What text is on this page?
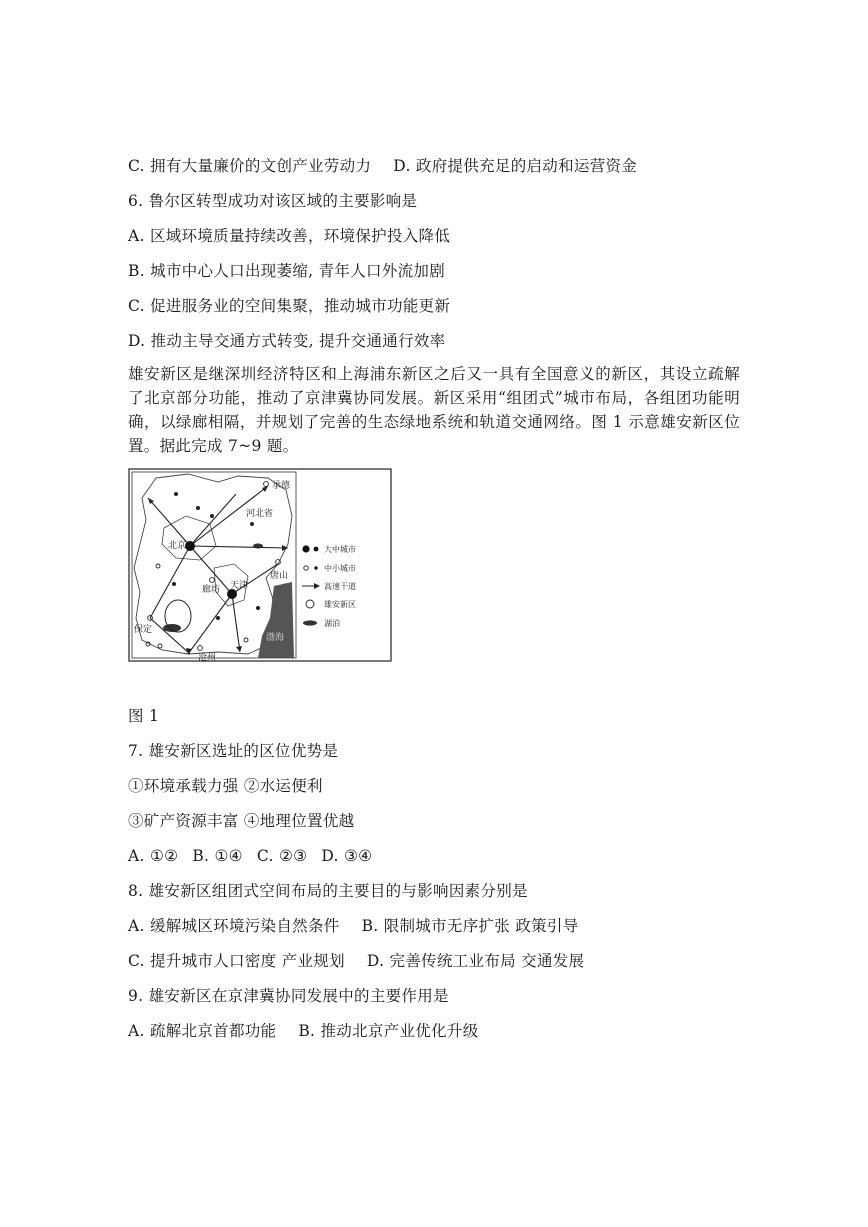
C. 拥有大量廉价的文创产业劳动力 D. 政府提供充足的启动和运营资金
6. 鲁尔区转型成功对该区域的主要影响是
A. 区域环境质量持续改善，环境保护投入降低
B. 城市中心人口出现萎缩, 青年人口外流加剧
C. 促进服务业的空间集聚，推动城市功能更新
D. 推动主导交通方式转变, 提升交通通行效率
雄安新区是继深圳经济特区和上海浦东新区之后又一具有全国意义的新区，其设立疏解了北京部分功能，推动了京津冀协同发展。新区采用“组团式”城市布局，各组团功能明确，以绿廊相隔，并规划了完善的生态绿地系统和轨道交通网络。图 1 示意雄安新区位置。据此完成 7~9 题。
承德
河北省
北京
唐山
廊坊 天津
保定
沧州
渤海
大中城市
中小城市
高速干道
雄安新区
湖泊
图 1
7. 雄安新区选址的区位优势是
①环境承载力强 ②水运便利
③矿产资源丰富 ④地理位置优越
A. ①② B. ①④ C. ②③ D. ③④
8. 雄安新区组团式空间布局的主要目的与影响因素分别是
A. 缓解城区环境污染自然条件 B. 限制城市无序扩张 政策引导
C. 提升城市人口密度 产业规划 D. 完善传统工业布局 交通发展
9. 雄安新区在京津冀协同发展中的主要作用是
A. 疏解北京首都功能 B. 推动北京产业优化升级
